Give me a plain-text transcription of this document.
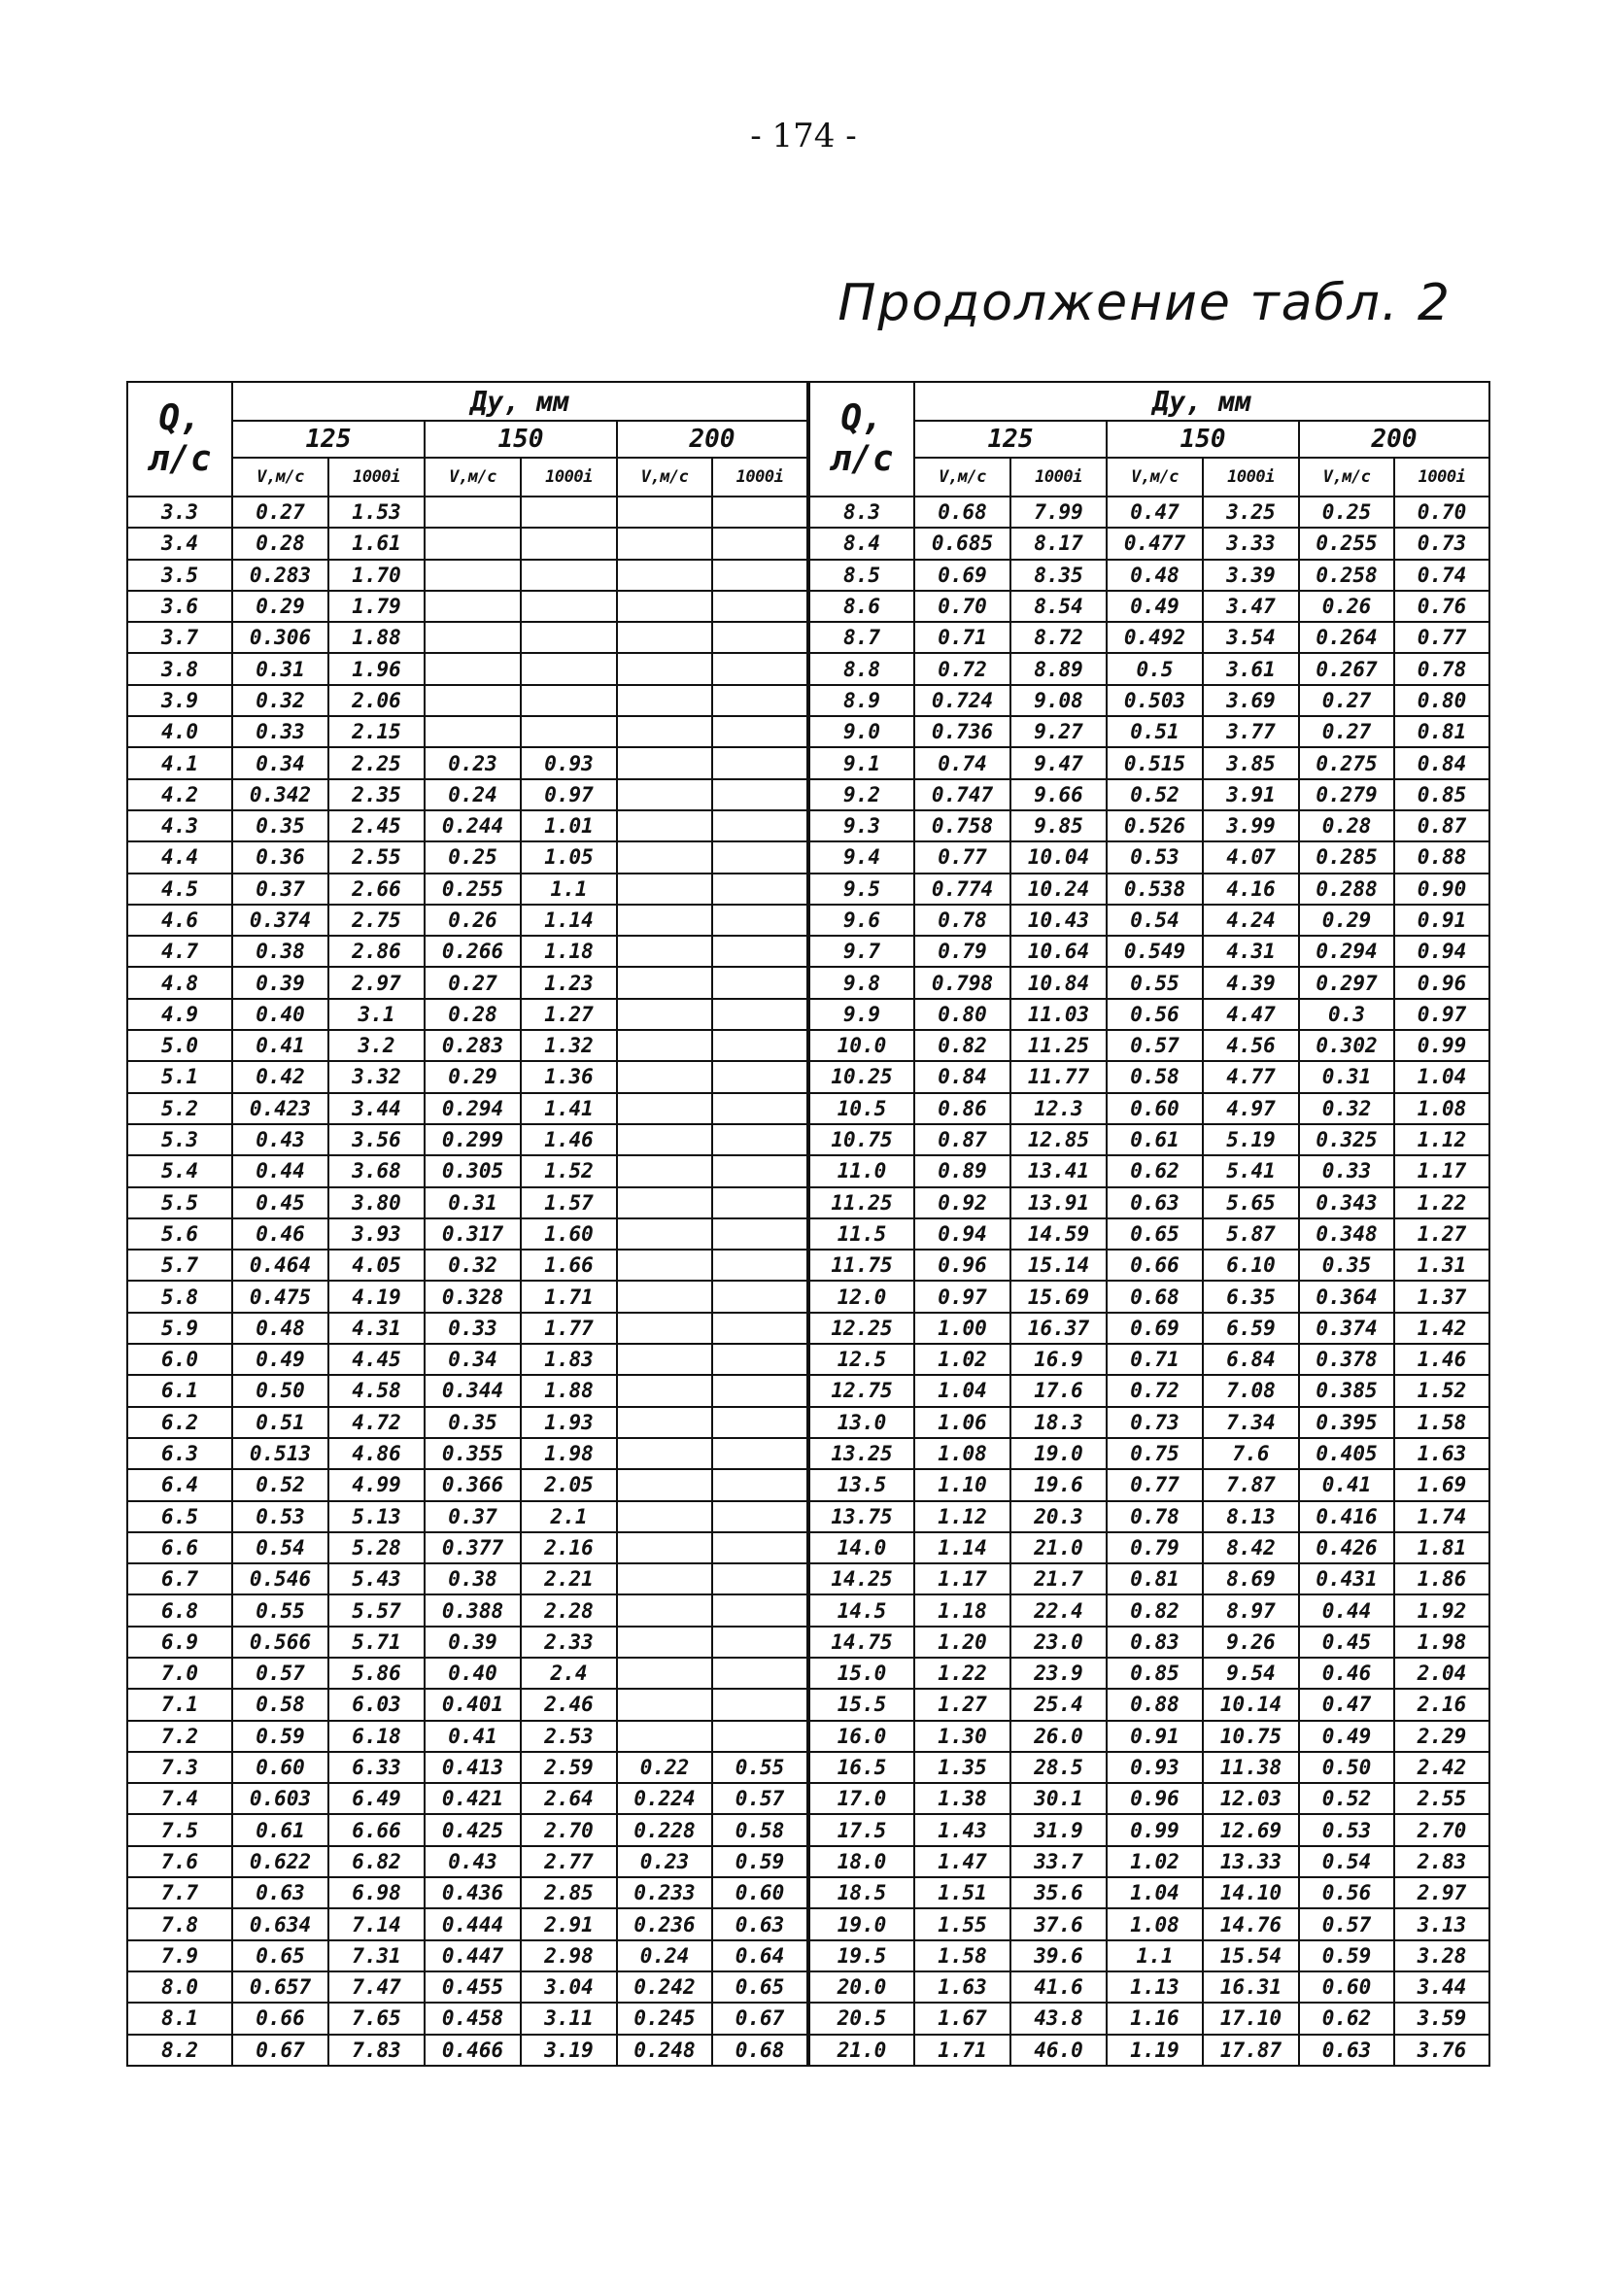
- 174 -
Продолжение табл. 2
Q,
л/с	Ду, мм					
	125		150		200	
	V,м/с	1000i	V,м/с	1000i	V,м/с	1000i
3.3	0.27	1.53				
3.4	0.28	1.61				
3.5	0.283	1.70				
3.6	0.29	1.79				
3.7	0.306	1.88				
3.8	0.31	1.96				
3.9	0.32	2.06				
4.0	0.33	2.15				
4.1	0.34	2.25	0.23	0.93		
4.2	0.342	2.35	0.24	0.97		
4.3	0.35	2.45	0.244	1.01		
4.4	0.36	2.55	0.25	1.05		
4.5	0.37	2.66	0.255	1.1		
4.6	0.374	2.75	0.26	1.14		
4.7	0.38	2.86	0.266	1.18		
4.8	0.39	2.97	0.27	1.23		
4.9	0.40	3.1	0.28	1.27		
5.0	0.41	3.2	0.283	1.32		
5.1	0.42	3.32	0.29	1.36		
5.2	0.423	3.44	0.294	1.41		
5.3	0.43	3.56	0.299	1.46		
5.4	0.44	3.68	0.305	1.52		
5.5	0.45	3.80	0.31	1.57		
5.6	0.46	3.93	0.317	1.60		
5.7	0.464	4.05	0.32	1.66		
5.8	0.475	4.19	0.328	1.71		
5.9	0.48	4.31	0.33	1.77		
6.0	0.49	4.45	0.34	1.83		
6.1	0.50	4.58	0.344	1.88		
6.2	0.51	4.72	0.35	1.93		
6.3	0.513	4.86	0.355	1.98		
6.4	0.52	4.99	0.366	2.05		
6.5	0.53	5.13	0.37	2.1		
6.6	0.54	5.28	0.377	2.16		
6.7	0.546	5.43	0.38	2.21		
6.8	0.55	5.57	0.388	2.28		
6.9	0.566	5.71	0.39	2.33		
7.0	0.57	5.86	0.40	2.4		
7.1	0.58	6.03	0.401	2.46		
7.2	0.59	6.18	0.41	2.53		
7.3	0.60	6.33	0.413	2.59	0.22	0.55
7.4	0.603	6.49	0.421	2.64	0.224	0.57
7.5	0.61	6.66	0.425	2.70	0.228	0.58
7.6	0.622	6.82	0.43	2.77	0.23	0.59
7.7	0.63	6.98	0.436	2.85	0.233	0.60
7.8	0.634	7.14	0.444	2.91	0.236	0.63
7.9	0.65	7.31	0.447	2.98	0.24	0.64
8.0	0.657	7.47	0.455	3.04	0.242	0.65
8.1	0.66	7.65	0.458	3.11	0.245	0.67
8.2	0.67	7.83	0.466	3.19	0.248	0.68
Q,
л/с	Ду, мм					
	125		150		200	
	V,м/с	1000i	V,м/с	1000i	V,м/с	1000i
8.3	0.68	7.99	0.47	3.25	0.25	0.70
8.4	0.685	8.17	0.477	3.33	0.255	0.73
8.5	0.69	8.35	0.48	3.39	0.258	0.74
8.6	0.70	8.54	0.49	3.47	0.26	0.76
8.7	0.71	8.72	0.492	3.54	0.264	0.77
8.8	0.72	8.89	0.5	3.61	0.267	0.78
8.9	0.724	9.08	0.503	3.69	0.27	0.80
9.0	0.736	9.27	0.51	3.77	0.27	0.81
9.1	0.74	9.47	0.515	3.85	0.275	0.84
9.2	0.747	9.66	0.52	3.91	0.279	0.85
9.3	0.758	9.85	0.526	3.99	0.28	0.87
9.4	0.77	10.04	0.53	4.07	0.285	0.88
9.5	0.774	10.24	0.538	4.16	0.288	0.90
9.6	0.78	10.43	0.54	4.24	0.29	0.91
9.7	0.79	10.64	0.549	4.31	0.294	0.94
9.8	0.798	10.84	0.55	4.39	0.297	0.96
9.9	0.80	11.03	0.56	4.47	0.3	0.97
10.0	0.82	11.25	0.57	4.56	0.302	0.99
10.25	0.84	11.77	0.58	4.77	0.31	1.04
10.5	0.86	12.3	0.60	4.97	0.32	1.08
10.75	0.87	12.85	0.61	5.19	0.325	1.12
11.0	0.89	13.41	0.62	5.41	0.33	1.17
11.25	0.92	13.91	0.63	5.65	0.343	1.22
11.5	0.94	14.59	0.65	5.87	0.348	1.27
11.75	0.96	15.14	0.66	6.10	0.35	1.31
12.0	0.97	15.69	0.68	6.35	0.364	1.37
12.25	1.00	16.37	0.69	6.59	0.374	1.42
12.5	1.02	16.9	0.71	6.84	0.378	1.46
12.75	1.04	17.6	0.72	7.08	0.385	1.52
13.0	1.06	18.3	0.73	7.34	0.395	1.58
13.25	1.08	19.0	0.75	7.6	0.405	1.63
13.5	1.10	19.6	0.77	7.87	0.41	1.69
13.75	1.12	20.3	0.78	8.13	0.416	1.74
14.0	1.14	21.0	0.79	8.42	0.426	1.81
14.25	1.17	21.7	0.81	8.69	0.431	1.86
14.5	1.18	22.4	0.82	8.97	0.44	1.92
14.75	1.20	23.0	0.83	9.26	0.45	1.98
15.0	1.22	23.9	0.85	9.54	0.46	2.04
15.5	1.27	25.4	0.88	10.14	0.47	2.16
16.0	1.30	26.0	0.91	10.75	0.49	2.29
16.5	1.35	28.5	0.93	11.38	0.50	2.42
17.0	1.38	30.1	0.96	12.03	0.52	2.55
17.5	1.43	31.9	0.99	12.69	0.53	2.70
18.0	1.47	33.7	1.02	13.33	0.54	2.83
18.5	1.51	35.6	1.04	14.10	0.56	2.97
19.0	1.55	37.6	1.08	14.76	0.57	3.13
19.5	1.58	39.6	1.1	15.54	0.59	3.28
20.0	1.63	41.6	1.13	16.31	0.60	3.44
20.5	1.67	43.8	1.16	17.10	0.62	3.59
21.0	1.71	46.0	1.19	17.87	0.63	3.76
